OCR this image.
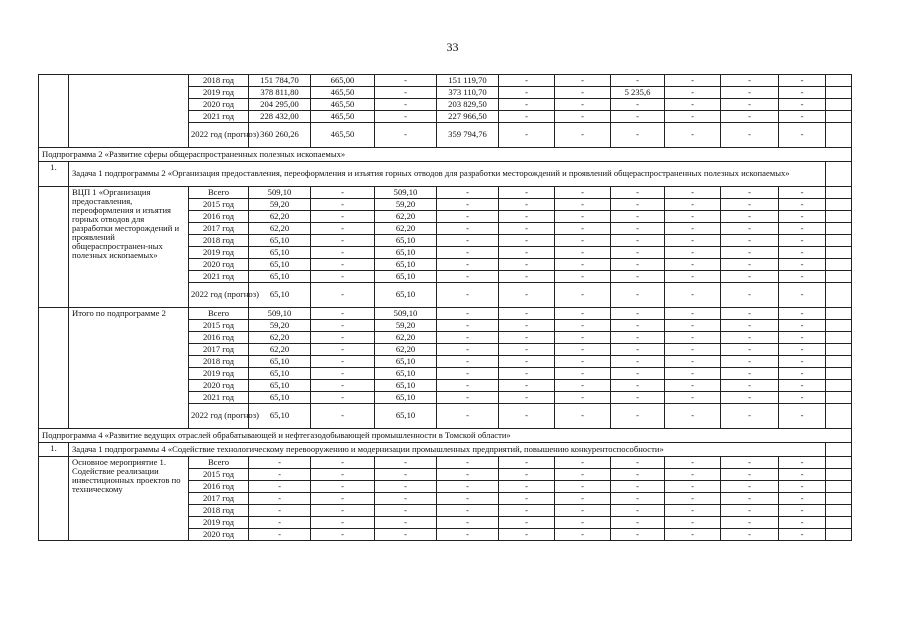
33
		2018 год	151 784,70	665,00	-	151 119,70	-	-	-	-	-	-	
		2019 год	378 811,80	465,50	-	373 110,70	-	-	5 235,6	-	-	-	
		2020 год	204 295,00	465,50	-	203 829,50	-	-	-	-	-	-	
		2021 год	228 432,00	465,50	-	227 966,50	-	-	-	-	-	-	
		2022 год (прогноз)	360 260,26	465,50	-	359 794,76	-	-	-	-	-	-	
Подпрограмма 2 «Развитие сферы общераспространенных полезных ископаемых»													
1.	Задача 1 подпрограммы 2 «Организация предоставления, переоформления и изъятия горных отводов для разработки месторождений и проявлений общераспространенных полезных ископаемых»												
	ВЦП 1 «Организация предоставления, переоформления и изъятия горных отводов для разработки месторождений и проявлений общераспространен-ных полезных ископаемых»	Всего	509,10	-	509,10	-	-	-	-	-	-	-	
		2015 год	59,20	-	59,20	-	-	-	-	-	-	-	
		2016 год	62,20	-	62,20	-	-	-	-	-	-	-	
		2017 год	62,20	-	62,20	-	-	-	-	-	-	-	
		2018 год	65,10	-	65,10	-	-	-	-	-	-	-	
		2019 год	65,10	-	65,10	-	-	-	-	-	-	-	
		2020 год	65,10	-	65,10	-	-	-	-	-	-	-	
		2021 год	65,10	-	65,10	-	-	-	-	-	-	-	
		2022 год (прогноз)	65,10	-	65,10	-	-	-	-	-	-	-	
	Итого по подпрограмме 2	Всего	509,10	-	509,10	-	-	-	-	-	-	-	
		2015 год	59,20	-	59,20	-	-	-	-	-	-	-	
		2016 год	62,20	-	62,20	-	-	-	-	-	-	-	
		2017 год	62,20	-	62,20	-	-	-	-	-	-	-	
		2018 год	65,10	-	65,10	-	-	-	-	-	-	-	
		2019 год	65,10	-	65,10	-	-	-	-	-	-	-	
		2020 год	65,10	-	65,10	-	-	-	-	-	-	-	
		2021 год	65,10	-	65,10	-	-	-	-	-	-	-	
		2022 год (прогноз)	65,10	-	65,10	-	-	-	-	-	-	-	
Подпрограмма 4 «Развитие ведущих отраслей обрабатывающей и нефтегазодобывающей промышленности в Томской области»													
1.	Задача 1 подпрограммы 4 «Содействие технологическому перевооружению и модернизации промышленных предприятий, повышению конкурентоспособности»												
	Основное мероприятие 1. Содействие реализации инвестиционных проектов по техническому	Всего	-	-	-	-	-	-	-	-	-	-	
		2015 год	-	-	-	-	-	-	-	-	-	-	
		2016 год	-	-	-	-	-	-	-	-	-	-	
		2017 год	-	-	-	-	-	-	-	-	-	-	
		2018 год	-	-	-	-	-	-	-	-	-	-	
		2019 год	-	-	-	-	-	-	-	-	-	-	
		2020 год	-	-	-	-	-	-	-	-	-	-	
